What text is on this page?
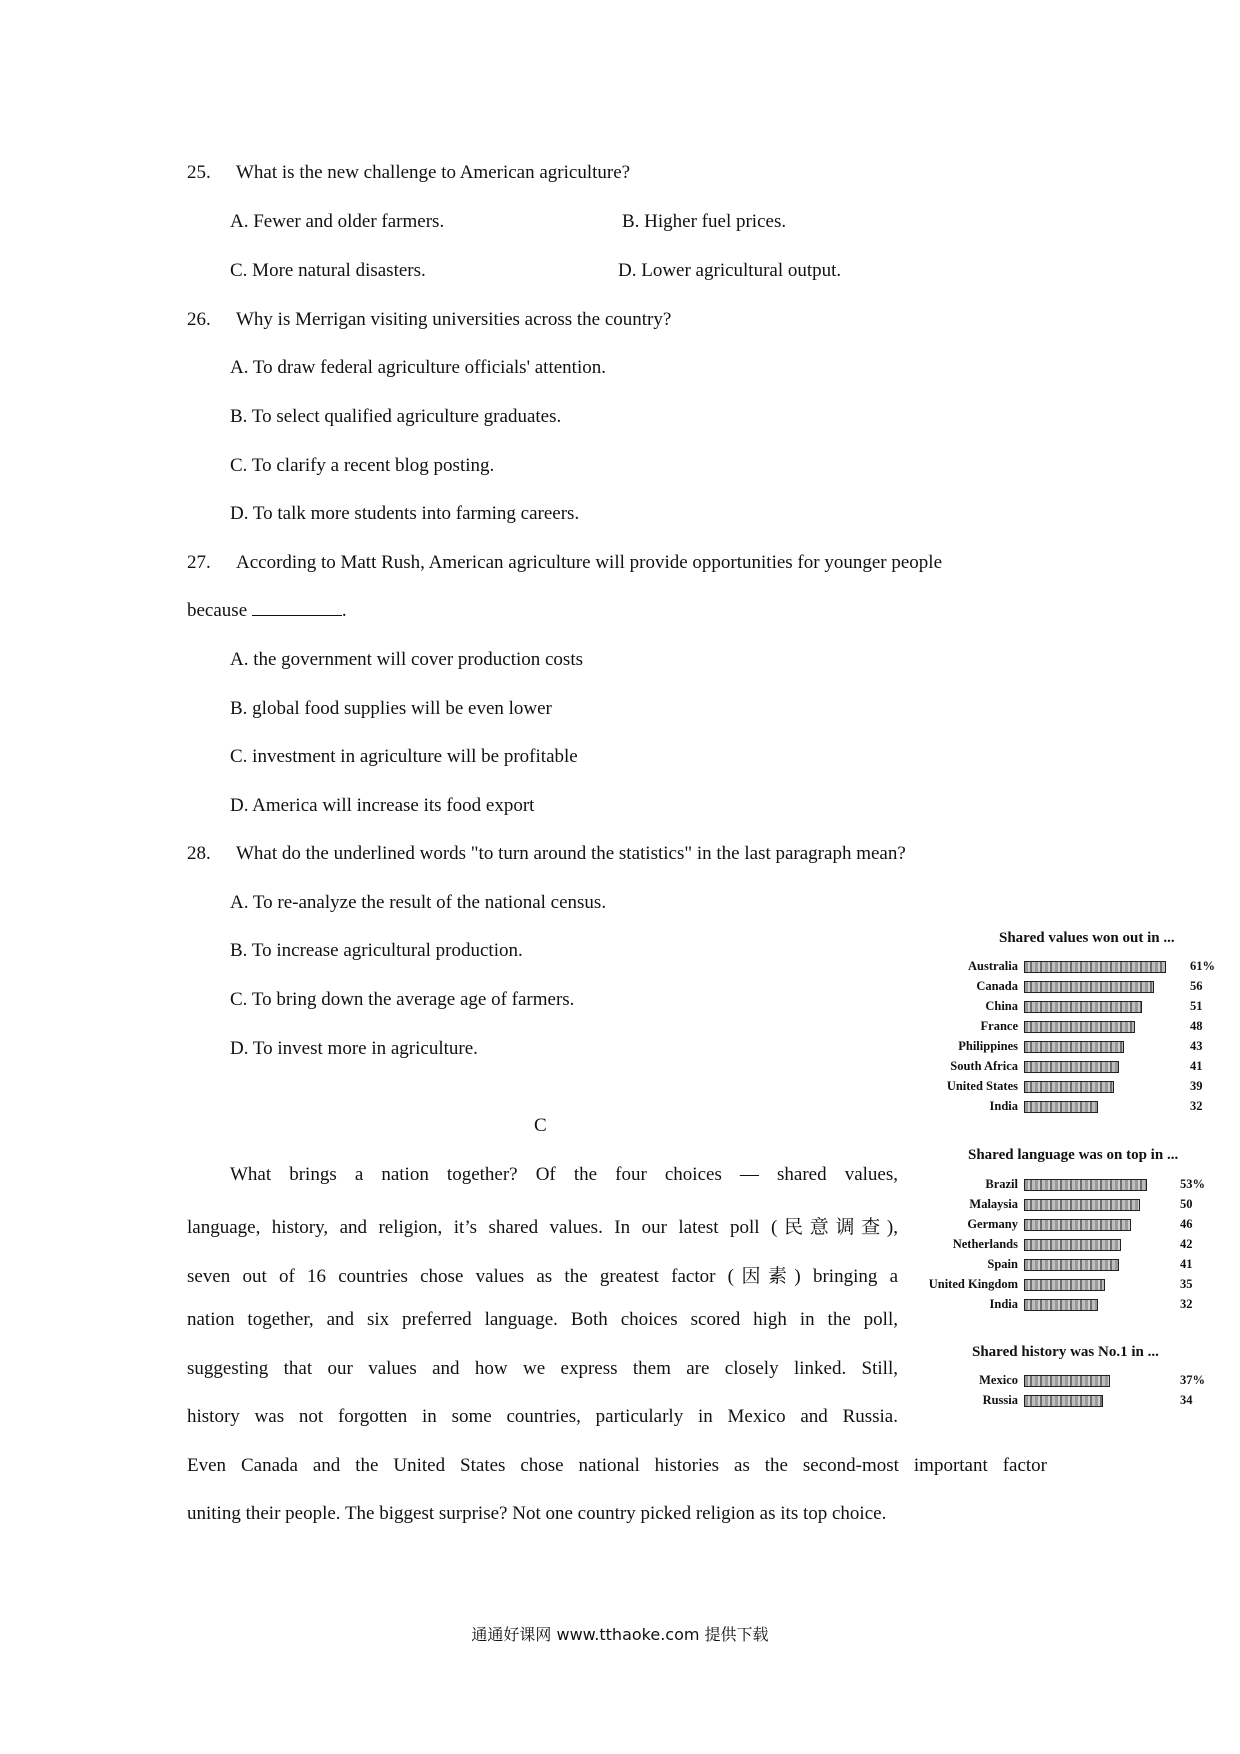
25. What is the new challenge to American agriculture?
A. Fewer and older farmers.	B. Higher fuel prices.
C. More natural disasters.	D. Lower agricultural output.
26. Why is Merrigan visiting universities across the country?
A. To draw federal agriculture officials' attention.
B. To select qualified agriculture graduates.
C. To clarify a recent blog posting.
D. To talk more students into farming careers.
27. According to Matt Rush, American agriculture will provide opportunities for younger people
because	.
A. the government will cover production costs
B. global food supplies will be even lower
C. investment in agriculture will be profitable
D. America will increase its food export
28. What do the underlined words "to turn around the statistics" in the last paragraph mean?
A. To re-analyze the result of the national census.
B. To increase agricultural production.
C. To bring down the average age of farmers.
D. To invest more in agriculture.
C
What brings a nation together? Of the four choices — shared values,
language, history, and religion, it’s shared values. In our latest poll (民意调查),
seven out of 16 countries chose values as the greatest factor (因素) bringing a
nation together, and six preferred language. Both choices scored high in the poll,
suggesting that our values and how we express them are closely linked. Still,
history was not forgotten in some countries, particularly in Mexico and Russia.
Even Canada and the United States chose national histories as the second-most important factor
uniting their people. The biggest surprise? Not one country picked religion as its top choice.
Shared values won out in ...
Australia	61%
Canada	56
China	51
France	48
Philippines	43
South Africa	41
United States	39
India	32
Shared language was on top in ...
Brazil	53%
Malaysia	50
Germany	46
Netherlands	42
Spain	41
United Kingdom	35
India	32
Shared history was No.1 in ...
Mexico	37%
Russia	34
通通好课网 www.tthaoke.com 提供下载
